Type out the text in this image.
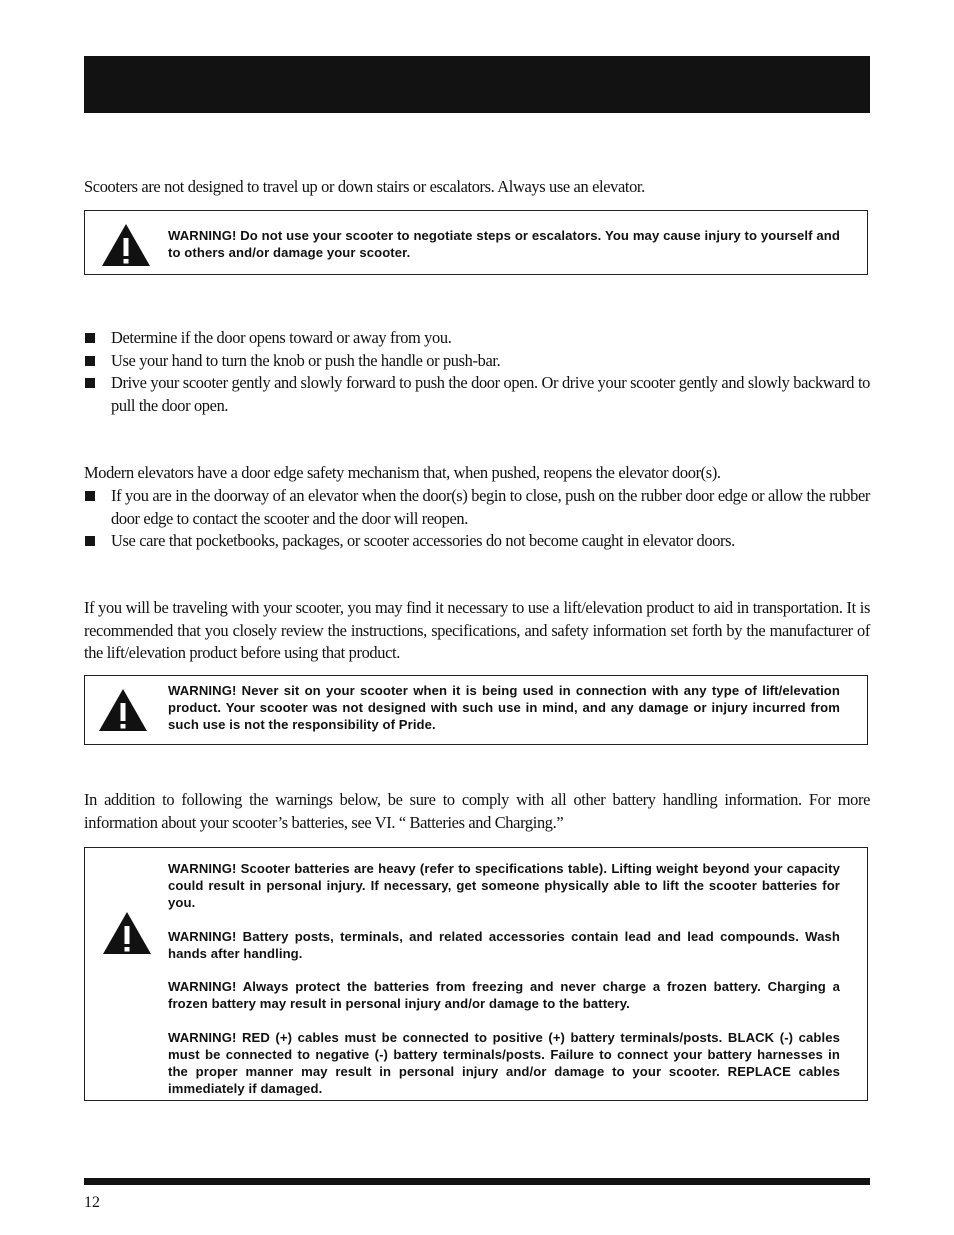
Scooters are not designed to travel up or down stairs or escalators. Always use an elevator.

WARNING! Do not use your scooter to negotiate steps or escalators. You may cause injury to yourself and to others and/or damage your scooter.

Determine if the door opens toward or away from you.
Use your hand to turn the knob or push the handle or push-bar.
Drive your scooter gently and slowly forward to push the door open. Or drive your scooter gently and slowly backward to pull the door open.
Modern elevators have a door edge safety mechanism that, when pushed, reopens the elevator door(s).
If you are in the doorway of an elevator when the door(s) begin to close, push on the rubber door edge or allow the rubber door edge to contact the scooter and the door will reopen.
Use care that pocketbooks, packages, or scooter accessories do not become caught in elevator doors.
If you will be traveling with your scooter, you may find it necessary to use a lift/elevation product to aid in transportation. It is recommended that you closely review the instructions, specifications, and safety information set forth by the manufacturer of the lift/elevation product before using that product.

WARNING! Never sit on your scooter when it is being used in connection with any type of lift/elevation product. Your scooter was not designed with such use in mind, and any damage or injury incurred from such use is not the responsibility of Pride.

In addition to following the warnings below, be sure to comply with all other battery handling information. For more information about your scooter’s batteries, see VI. “ Batteries and Charging.”

WARNING! Scooter batteries are heavy (refer to specifications table). Lifting weight beyond your capacity could result in personal injury. If necessary, get someone physically able to lift the scooter batteries for you.

WARNING! Battery posts, terminals, and related accessories contain lead and lead compounds. Wash hands after handling.

WARNING! Always protect the batteries from freezing and never charge a frozen battery. Charging a frozen battery may result in personal injury and/or damage to the battery.

WARNING! RED (+) cables must be connected to positive (+) battery terminals/posts. BLACK (-) cables must be connected to negative (-) battery terminals/posts. Failure to connect your battery harnesses in the proper manner may result in personal injury and/or damage to your scooter. REPLACE cables immediately if damaged.

12
